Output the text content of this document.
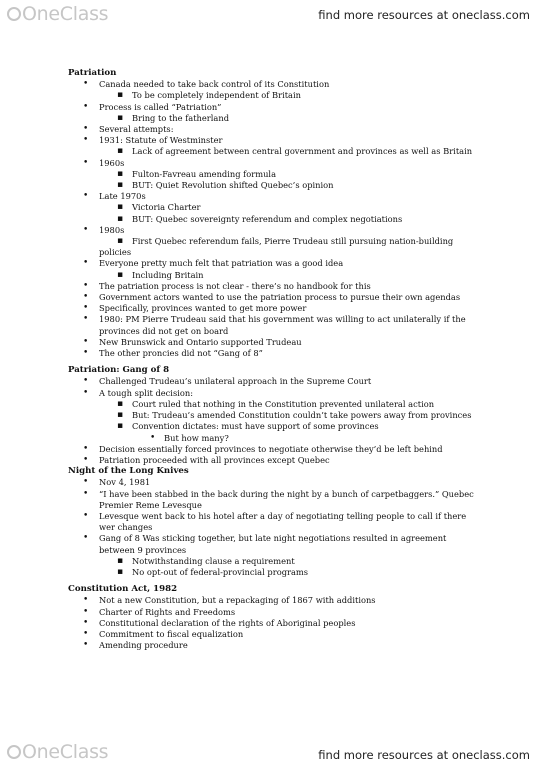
OneClass	find more resources at oneclass.com
Patriation
• Canada needed to take back control of its Constitution
▪ To be completely independent of Britain
• Process is called “Patriation”
▪ Bring to the fatherland
• Several attempts:
• 1931: Statute of Westminster
▪ Lack of agreement between central government and provinces as well as Britain
• 1960s
▪ Fulton-Favreau amending formula
▪ BUT: Quiet Revolution shifted Quebec’s opinion
• Late 1970s
▪ Victoria Charter
▪ BUT: Quebec sovereignty referendum and complex negotiations
• 1980s
▪ First Quebec referendum fails, Pierre Trudeau still pursuing nation-building
policies
• Everyone pretty much felt that patriation was a good idea
▪ Including Britain
• The patriation process is not clear - there’s no handbook for this
• Government actors wanted to use the patriation process to pursue their own agendas
• Specifically, provinces wanted to get more power
• 1980: PM Pierre Trudeau said that his government was willing to act unilaterally if the
provinces did not get on board
• New Brunswick and Ontario supported Trudeau
• The other proncies did not “Gang of 8”
Patriation: Gang of 8
• Challenged Trudeau’s unilateral approach in the Supreme Court
• A tough split decision:
▪ Court ruled that nothing in the Constitution prevented unilateral action
▪ But: Trudeau’s amended Constitution couldn’t take powers away from provinces
▪ Convention dictates: must have support of some provinces
• But how many?
• Decision essentially forced provinces to negotiate otherwise they’d be left behind
• Patriation proceeded with all provinces except Quebec
Night of the Long Knives
• Nov 4, 1981
• “I have been stabbed in the back during the night by a bunch of carpetbaggers.” Quebec
Premier Reme Levesque
• Levesque went back to his hotel after a day of negotiating telling people to call if there
wer changes
• Gang of 8 Was sticking together, but late night negotiations resulted in agreement
between 9 provinces
▪ Notwithstanding clause a requirement
▪ No opt-out of federal-provincial programs
Constitution Act, 1982
• Not a new Constitution, but a repackaging of 1867 with additions
• Charter of Rights and Freedoms
• Constitutional declaration of the rights of Aboriginal peoples
• Commitment to fiscal equalization
• Amending procedure
OneClass	find more resources at oneclass.com
